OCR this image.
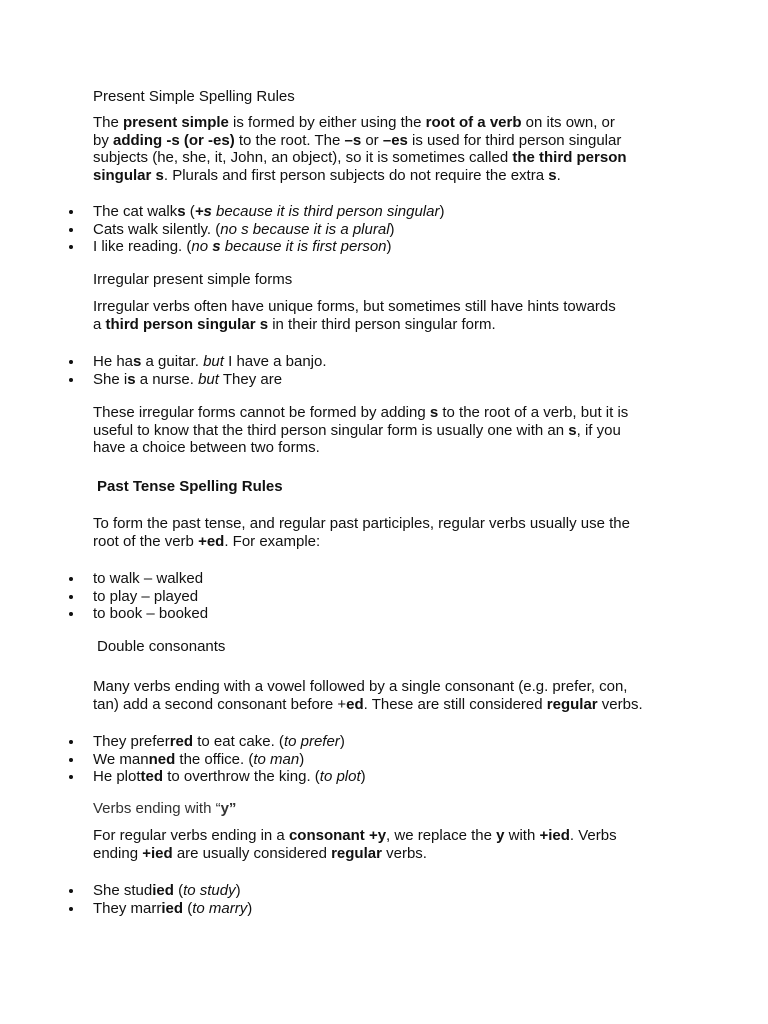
Present Simple Spelling Rules

The present simple is formed by either using the root of a verb on its own, or
by adding -s (or -es) to the root. The –s or –es is used for third person singular
subjects (he, she, it, John, an object), so it is sometimes called the third person
singular s. Plurals and first person subjects do not require the extra s.

The cat walks (+s because it is third person singular)
Cats walk silently. (no s because it is a plural)
I like reading. (no s because it is first person)

Irregular present simple forms

Irregular verbs often have unique forms, but sometimes still have hints towards
a third person singular s in their third person singular form.

He has a guitar. but I have a banjo.
She is a nurse. but They are

These irregular forms cannot be formed by adding s to the root of a verb, but it is
useful to know that the third person singular form is usually one with an s, if you
have a choice between two forms.

Past Tense Spelling Rules

To form the past tense, and regular past participles, regular verbs usually use the
root of the verb +ed. For example:

to walk – walked
to play – played
to book – booked

Double consonants

Many verbs ending with a vowel followed by a single consonant (e.g. prefer, con,
tan) add a second consonant before +ed. These are still considered regular verbs.

They preferred to eat cake. (to prefer)
We manned the office. (to man)
He plotted to overthrow the king. (to plot)

Verbs ending with “y”

For regular verbs ending in a consonant +y, we replace the y with +ied. Verbs
ending +ied are usually considered regular verbs.

She studied (to study)
They married (to marry)
